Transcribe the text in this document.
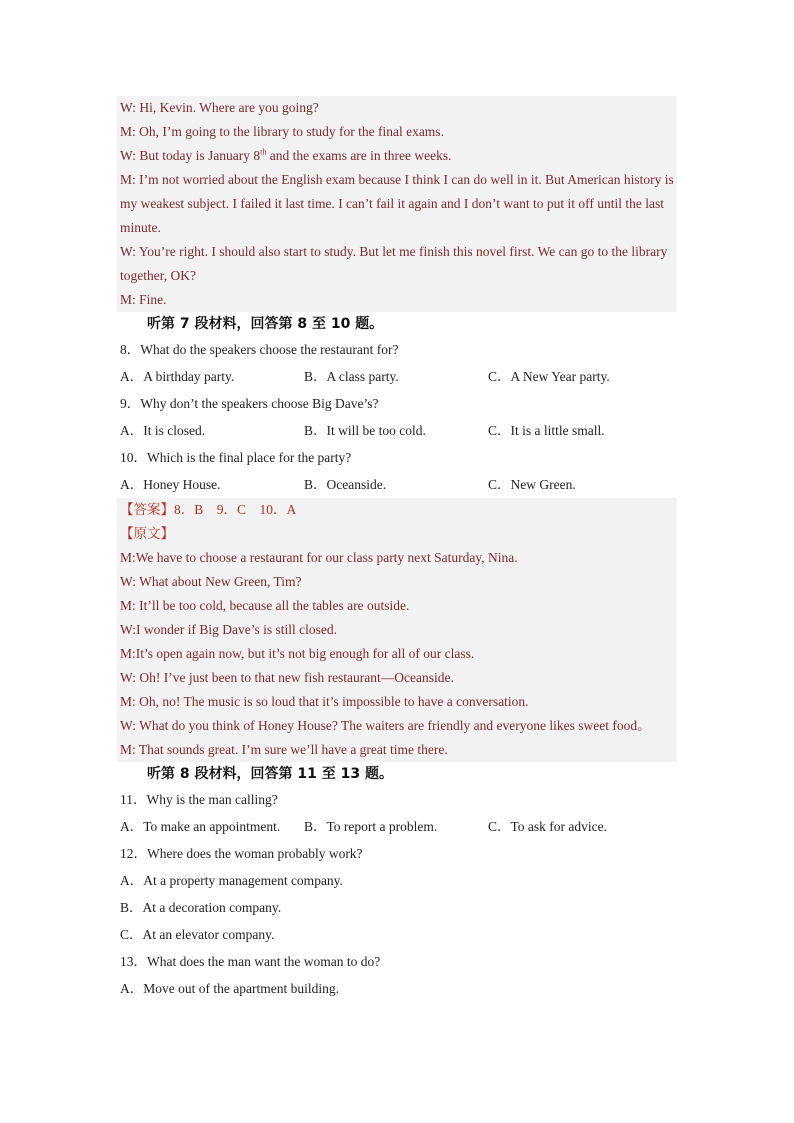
W: Hi, Kevin. Where are you going?
M: Oh, I’m going to the library to study for the final exams.
W: But today is January 8th and the exams are in three weeks.
M: I’m not worried about the English exam because I think I can do well in it. But American history is my weakest subject. I failed it last time. I can’t fail it again and I don’t want to put it off until the last minute.
W: You’re right. I should also start to study. But let me finish this novel first. We can go to the library together, OK?
M: Fine.
听第 7 段材料，回答第 8 至 10 题。
8．What do the speakers choose the restaurant for?
A．A birthday party.	B．A class party.	C．A New Year party.
9．Why don’t the speakers choose Big Dave’s?
A．It is closed.	B．It will be too cold.	C．It is a little small.
10．Which is the final place for the party?
A．Honey House.	B．Oceanside.	C．New Green.
【答案】8．B　9．C　10．A
【原文】
M:We have to choose a restaurant for our class party next Saturday, Nina.
W: What about New Green, Tim?
M: It’ll be too cold, because all the tables are outside.
W:I wonder if Big Dave’s is still closed.
M:It’s open again now, but it’s not big enough for all of our class.
W: Oh! I’ve just been to that new fish restaurant—Oceanside.
M: Oh, no! The music is so loud that it’s impossible to have a conversation.
W: What do you think of Honey House? The waiters are friendly and everyone likes sweet food。
M: That sounds great. I’m sure we’ll have a great time there.
听第 8 段材料，回答第 11 至 13 题。
11．Why is the man calling?
A．To make an appointment.	B．To report a problem.	C．To ask for advice.
12．Where does the woman probably work?
A．At a property management company.
B．At a decoration company.
C．At an elevator company.
13．What does the man want the woman to do?
A．Move out of the apartment building.
